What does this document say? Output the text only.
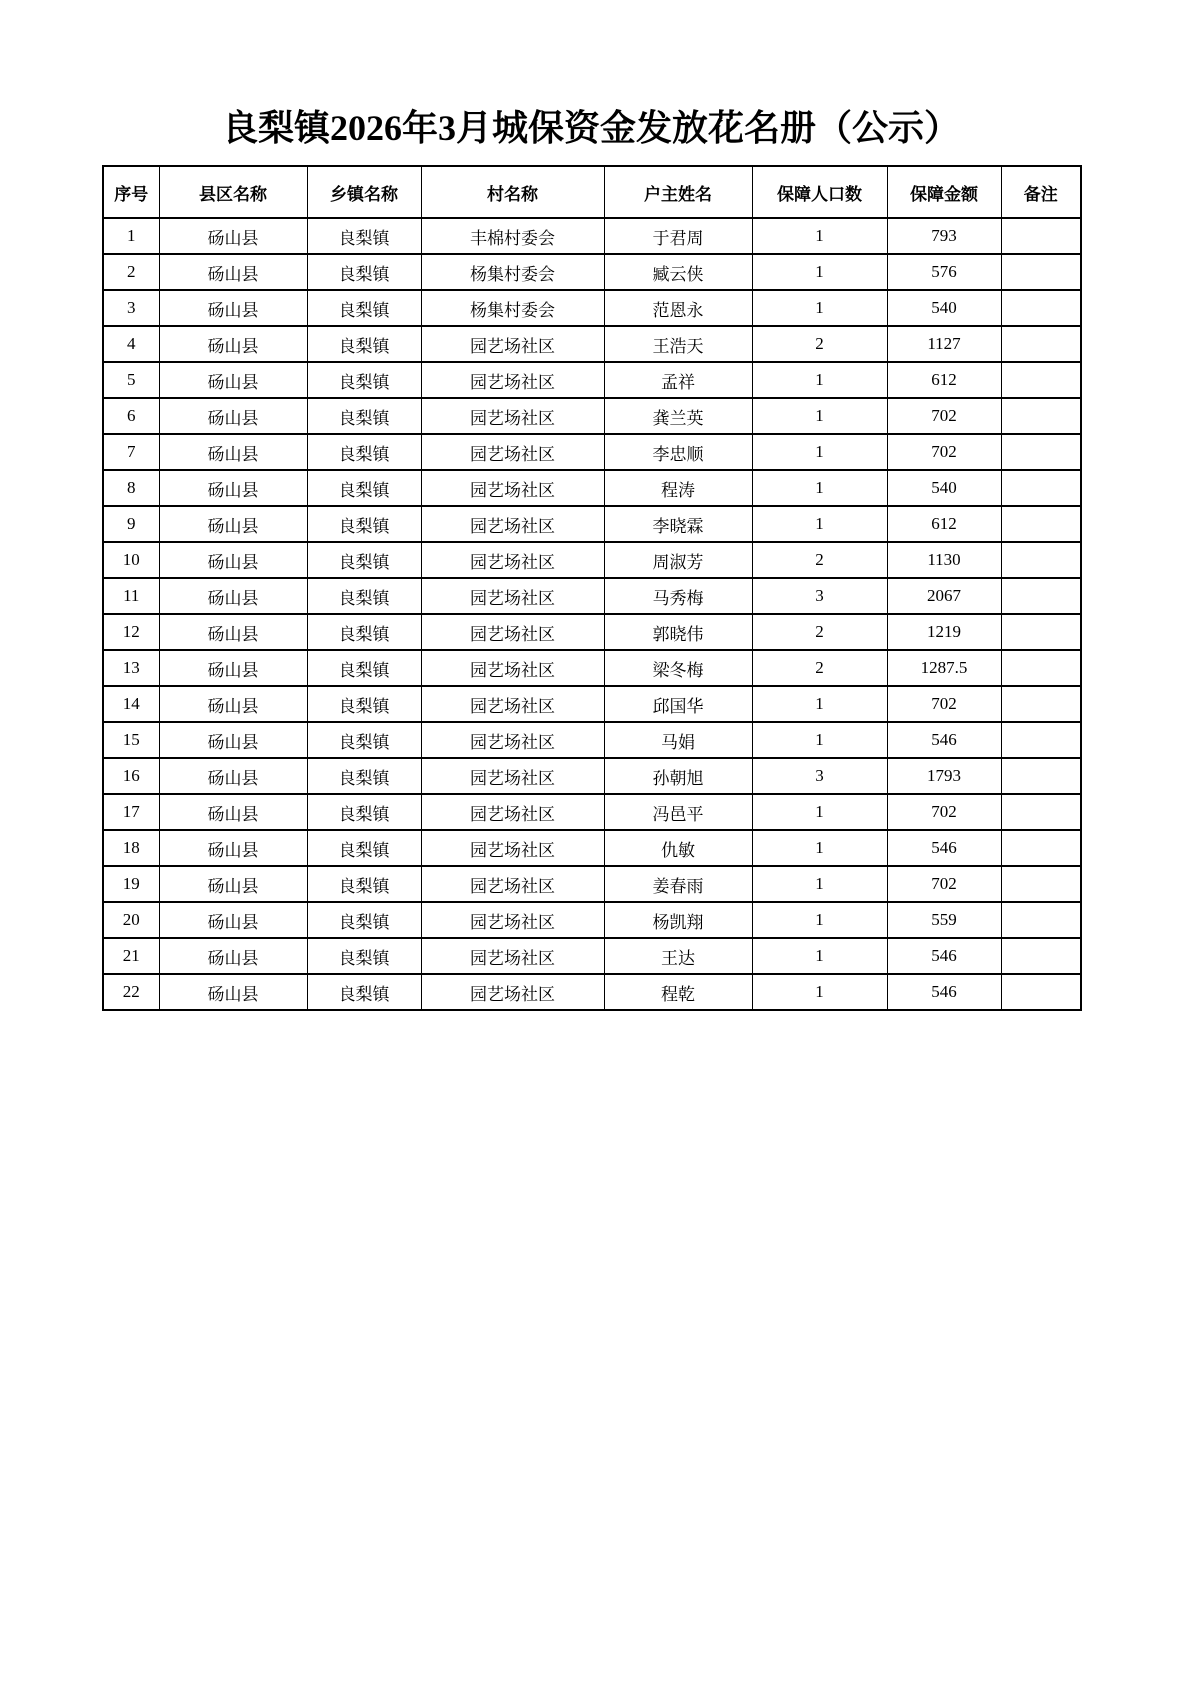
良梨镇2026年3月城保资金发放花名册（公示）
序号	县区名称	乡镇名称	村名称	户主姓名	保障人口数	保障金额	备注
1	砀山县	良梨镇	丰棉村委会	于君周	1	793	
2	砀山县	良梨镇	杨集村委会	臧云侠	1	576	
3	砀山县	良梨镇	杨集村委会	范恩永	1	540	
4	砀山县	良梨镇	园艺场社区	王浩天	2	1127	
5	砀山县	良梨镇	园艺场社区	孟祥	1	612	
6	砀山县	良梨镇	园艺场社区	龚兰英	1	702	
7	砀山县	良梨镇	园艺场社区	李忠顺	1	702	
8	砀山县	良梨镇	园艺场社区	程涛	1	540	
9	砀山县	良梨镇	园艺场社区	李晓霖	1	612	
10	砀山县	良梨镇	园艺场社区	周淑芳	2	1130	
11	砀山县	良梨镇	园艺场社区	马秀梅	3	2067	
12	砀山县	良梨镇	园艺场社区	郭晓伟	2	1219	
13	砀山县	良梨镇	园艺场社区	梁冬梅	2	1287.5	
14	砀山县	良梨镇	园艺场社区	邱国华	1	702	
15	砀山县	良梨镇	园艺场社区	马娟	1	546	
16	砀山县	良梨镇	园艺场社区	孙朝旭	3	1793	
17	砀山县	良梨镇	园艺场社区	冯邑平	1	702	
18	砀山县	良梨镇	园艺场社区	仇敏	1	546	
19	砀山县	良梨镇	园艺场社区	姜春雨	1	702	
20	砀山县	良梨镇	园艺场社区	杨凯翔	1	559	
21	砀山县	良梨镇	园艺场社区	王达	1	546	
22	砀山县	良梨镇	园艺场社区	程乾	1	546	
